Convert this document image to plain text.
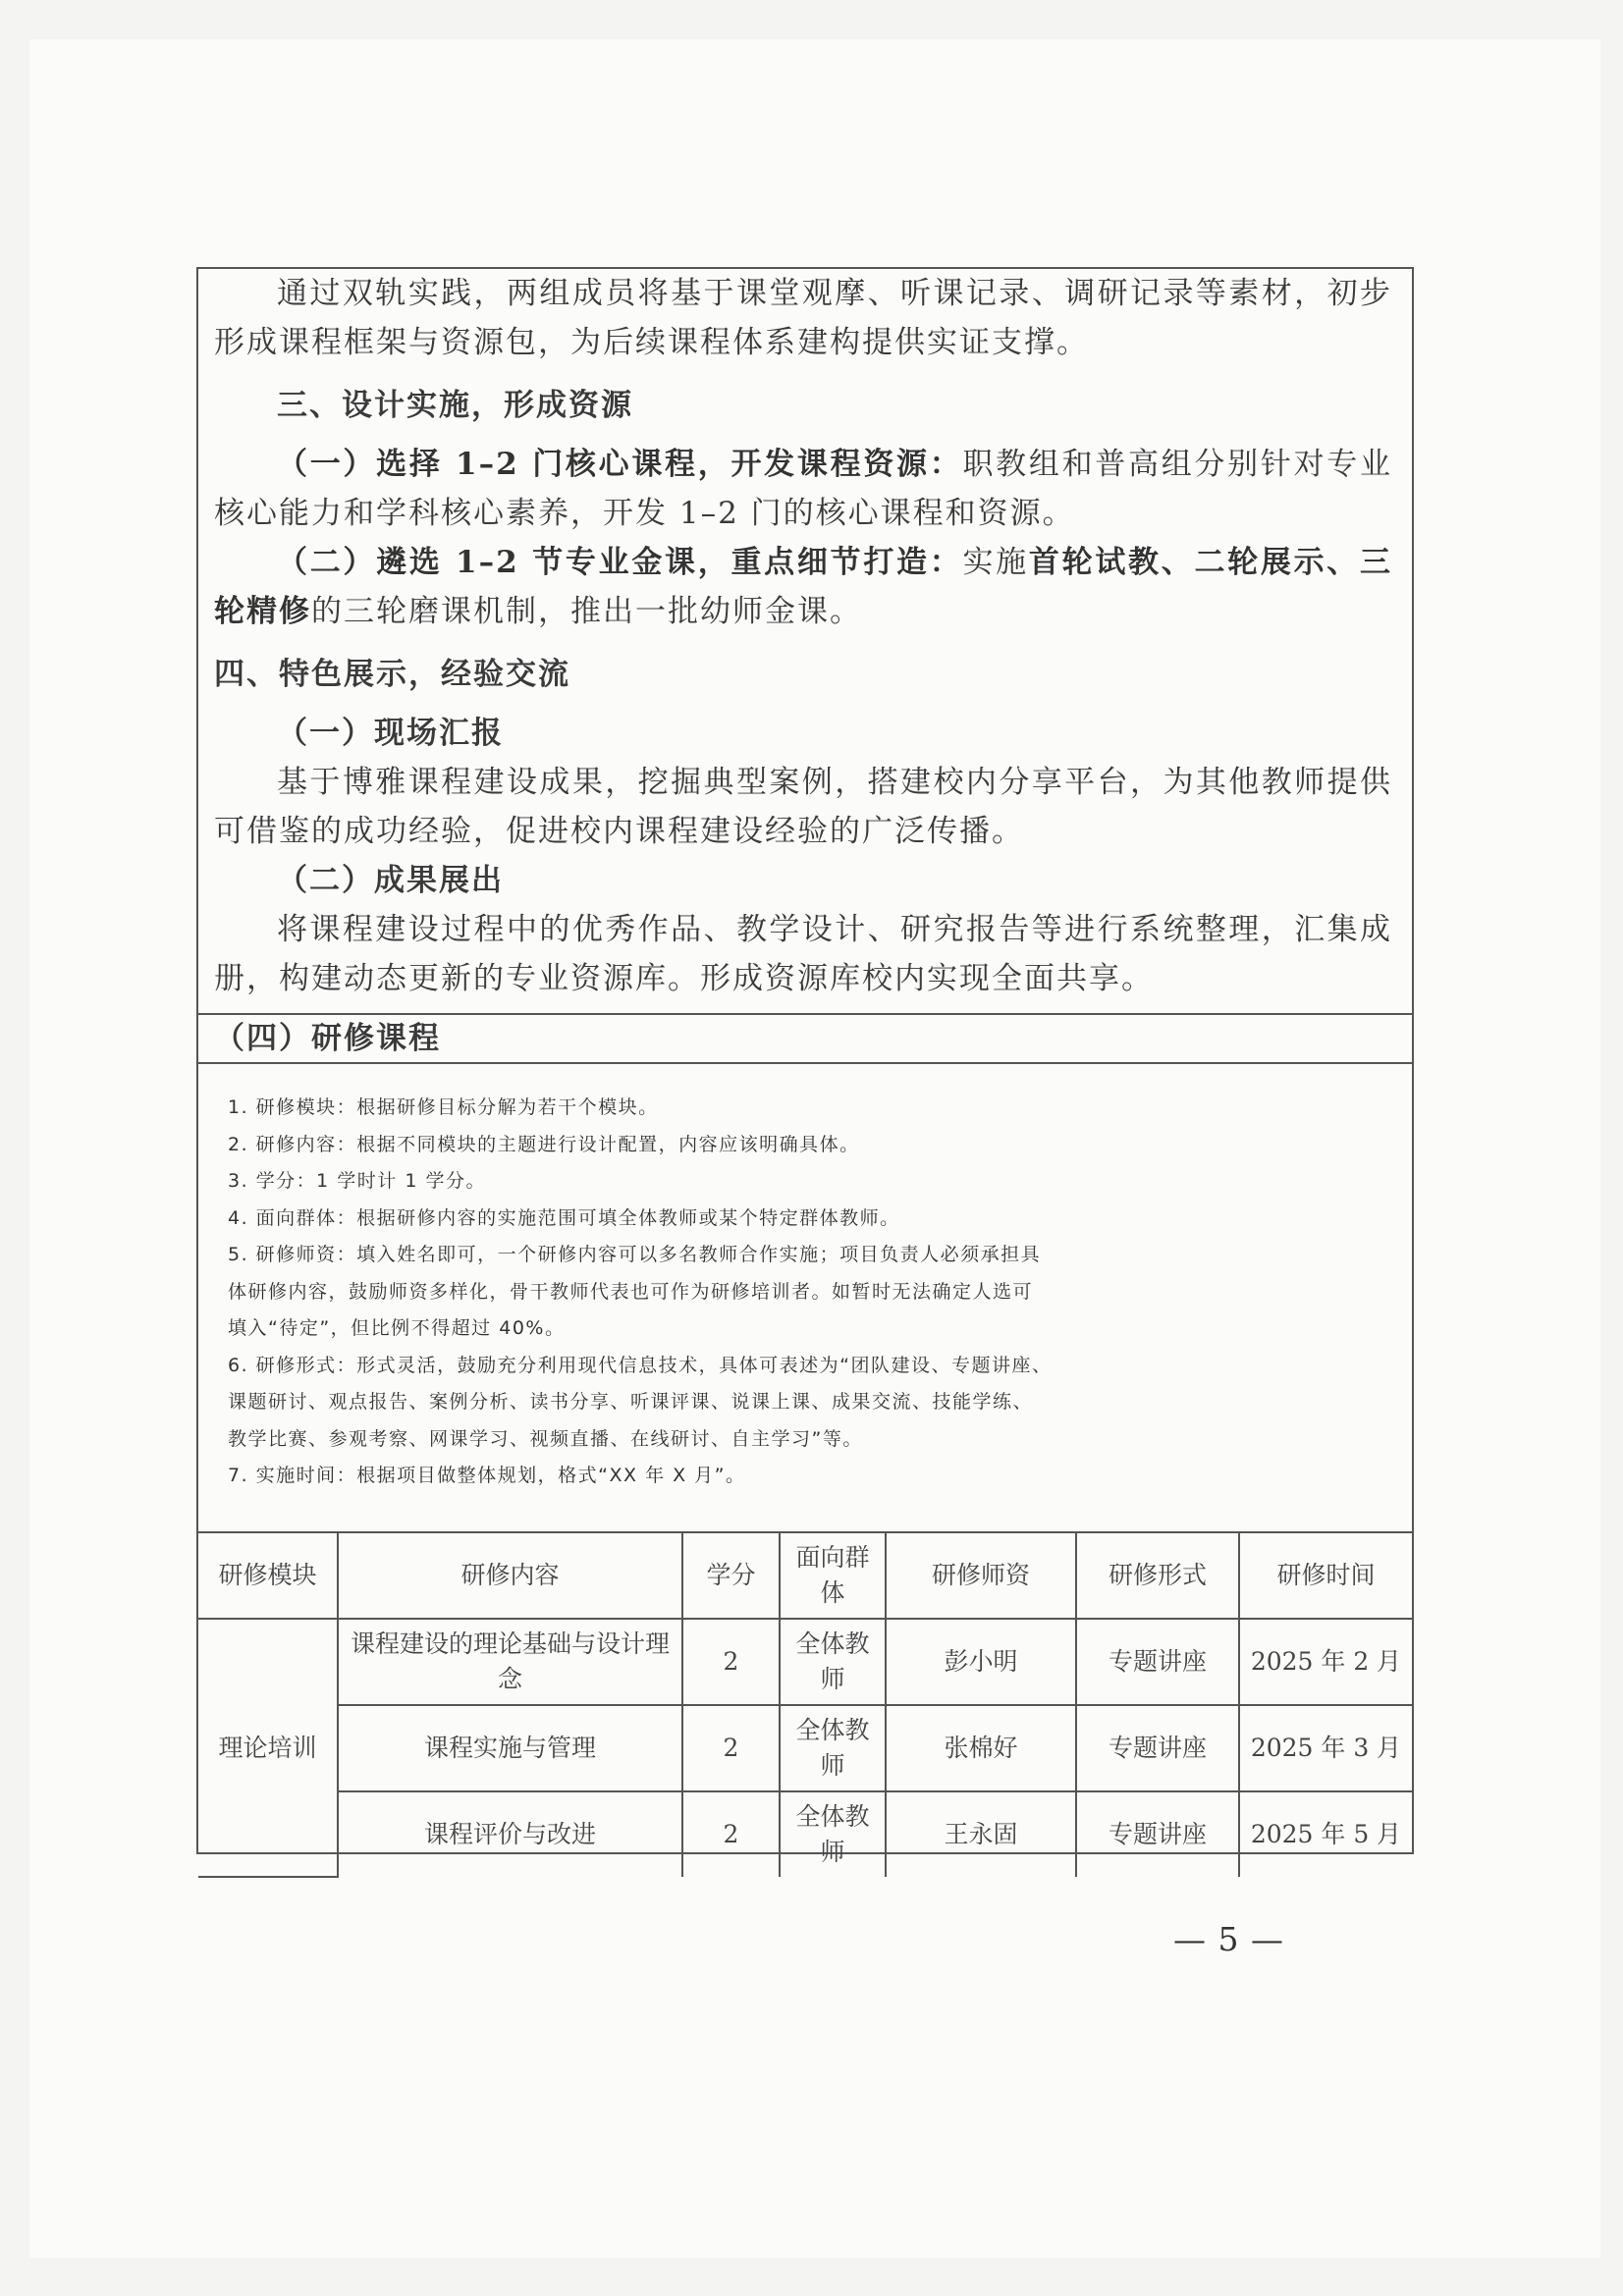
通过双轨实践，两组成员将基于课堂观摩、听课记录、调研记录等素材，初步形成课程框架与资源包，为后续课程体系建构提供实证支撑。

三、设计实施，形成资源

（一）选择 1–2 门核心课程，开发课程资源：职教组和普高组分别针对专业核心能力和学科核心素养，开发 1–2 门的核心课程和资源。

（二）遴选 1–2 节专业金课，重点细节打造：实施首轮试教、二轮展示、三轮精修的三轮磨课机制，推出一批幼师金课。

四、特色展示，经验交流

（一）现场汇报

基于博雅课程建设成果，挖掘典型案例，搭建校内分享平台，为其他教师提供可借鉴的成功经验，促进校内课程建设经验的广泛传播。

（二）成果展出

将课程建设过程中的优秀作品、教学设计、研究报告等进行系统整理，汇集成册，构建动态更新的专业资源库。形成资源库校内实现全面共享。

（四）研修课程

1. 研修模块：根据研修目标分解为若干个模块。

2. 研修内容：根据不同模块的主题进行设计配置，内容应该明确具体。

3. 学分：1 学时计 1 学分。

4. 面向群体：根据研修内容的实施范围可填全体教师或某个特定群体教师。

5. 研修师资：填入姓名即可，一个研修内容可以多名教师合作实施；项目负责人必须承担具

体研修内容，鼓励师资多样化，骨干教师代表也可作为研修培训者。如暂时无法确定人选可

填入“待定”，但比例不得超过 40%。

6. 研修形式：形式灵活，鼓励充分利用现代信息技术，具体可表述为“团队建设、专题讲座、

课题研讨、观点报告、案例分析、读书分享、听课评课、说课上课、成果交流、技能学练、

教学比赛、参观考察、网课学习、视频直播、在线研讨、自主学习”等。

7. 实施时间：根据项目做整体规划，格式“XX 年 X 月”。

研修模块	研修内容	学分	面向群体	研修师资	研修形式	研修时间
理论培训	课程建设的理论基础与设计理念	2	全体教师	彭小明	专题讲座	2025 年 2 月
	课程实施与管理	2	全体教师	张棉好	专题讲座	2025 年 3 月
	课程评价与改进	2	全体教师	王永固	专题讲座	2025 年 5 月
— 5 —
